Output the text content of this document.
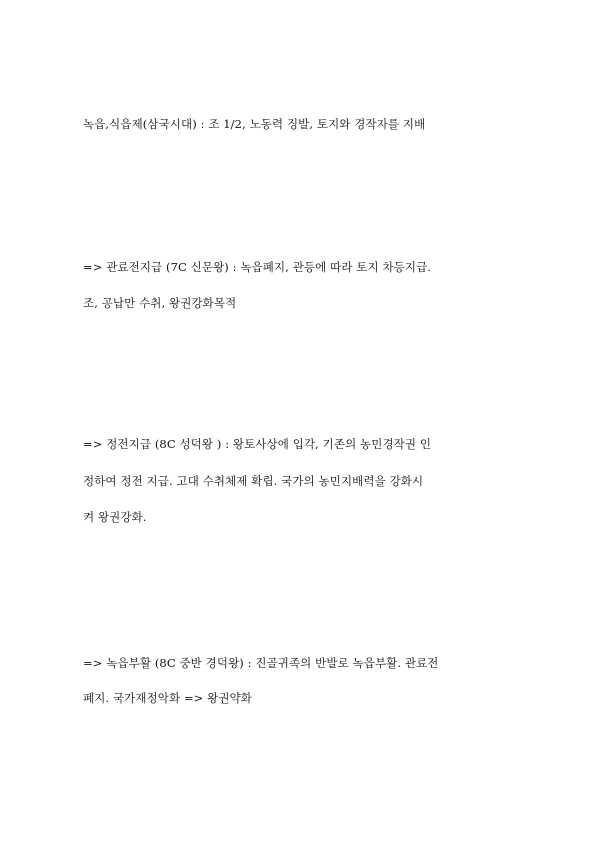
녹읍,식읍제(삼국시대) : 조 1/2, 노동력 징발, 토지와 경작자를 지배
=> 관료전지급 (7C 신문왕) : 녹읍폐지, 관등에 따라 토지 차등지급.
조, 공납만 수취, 왕권강화목적
=> 정전지급 (8C 성덕왕 ) : 왕토사상에 입각, 기존의 농민경작권 인
정하여 정전 지급. 고대 수취체제 확립. 국가의 농민지배력을 강화시
켜 왕권강화.
=> 녹읍부활 (8C 중반 경덕왕) : 진골귀족의 반발로 녹읍부활. 관료전
폐지. 국가재정악화 => 왕권약화
